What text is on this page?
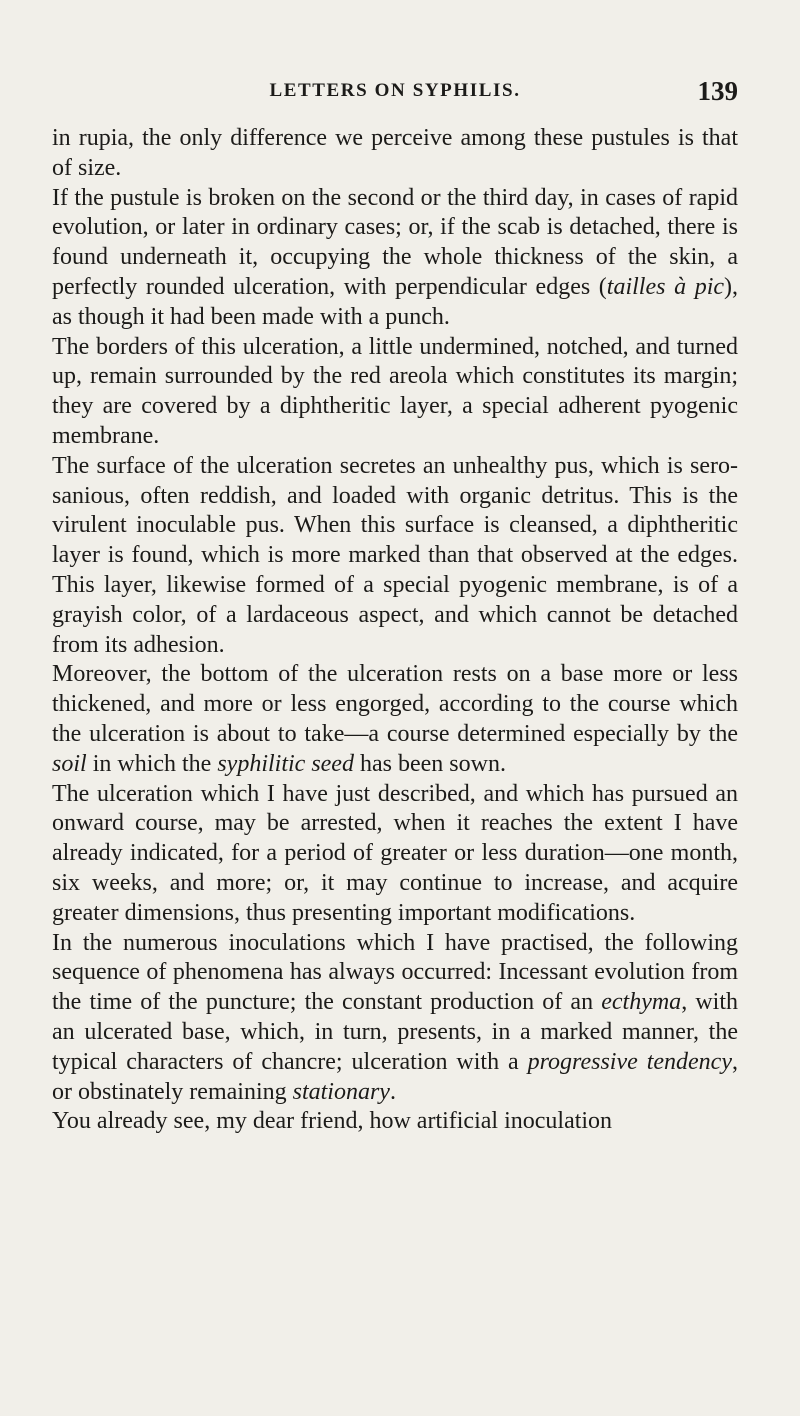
LETTERS ON SYPHILIS.	139

in rupia, the only difference we perceive among these pustules is that of size.

If the pustule is broken on the second or the third day, in cases of rapid evolution, or later in ordinary cases; or, if the scab is detached, there is found underneath it, occupying the whole thickness of the skin, a perfectly rounded ulceration, with perpendicular edges (tailles à pic), as though it had been made with a punch.

The borders of this ulceration, a little undermined, notched, and turned up, remain surrounded by the red areola which constitutes its margin; they are covered by a diphtheritic layer, a special adherent pyogenic membrane.

The surface of the ulceration secretes an unhealthy pus, which is sero-sanious, often reddish, and loaded with organic detritus. This is the virulent inoculable pus. When this surface is cleansed, a diphtheritic layer is found, which is more marked than that observed at the edges. This layer, likewise formed of a special pyogenic membrane, is of a grayish color, of a lardaceous aspect, and which cannot be detached from its adhesion.

Moreover, the bottom of the ulceration rests on a base more or less thickened, and more or less engorged, according to the course which the ulceration is about to take—a course determined especially by the soil in which the syphilitic seed has been sown.

The ulceration which I have just described, and which has pursued an onward course, may be arrested, when it reaches the extent I have already indicated, for a period of greater or less duration—one month, six weeks, and more; or, it may continue to increase, and acquire greater dimensions, thus presenting important modifications.

In the numerous inoculations which I have practised, the following sequence of phenomena has always occurred: Incessant evolution from the time of the puncture; the constant production of an ecthyma, with an ulcerated base, which, in turn, presents, in a marked manner, the typical characters of chancre; ulceration with a progressive tendency, or obstinately remaining stationary.

You already see, my dear friend, how artificial inoculation
